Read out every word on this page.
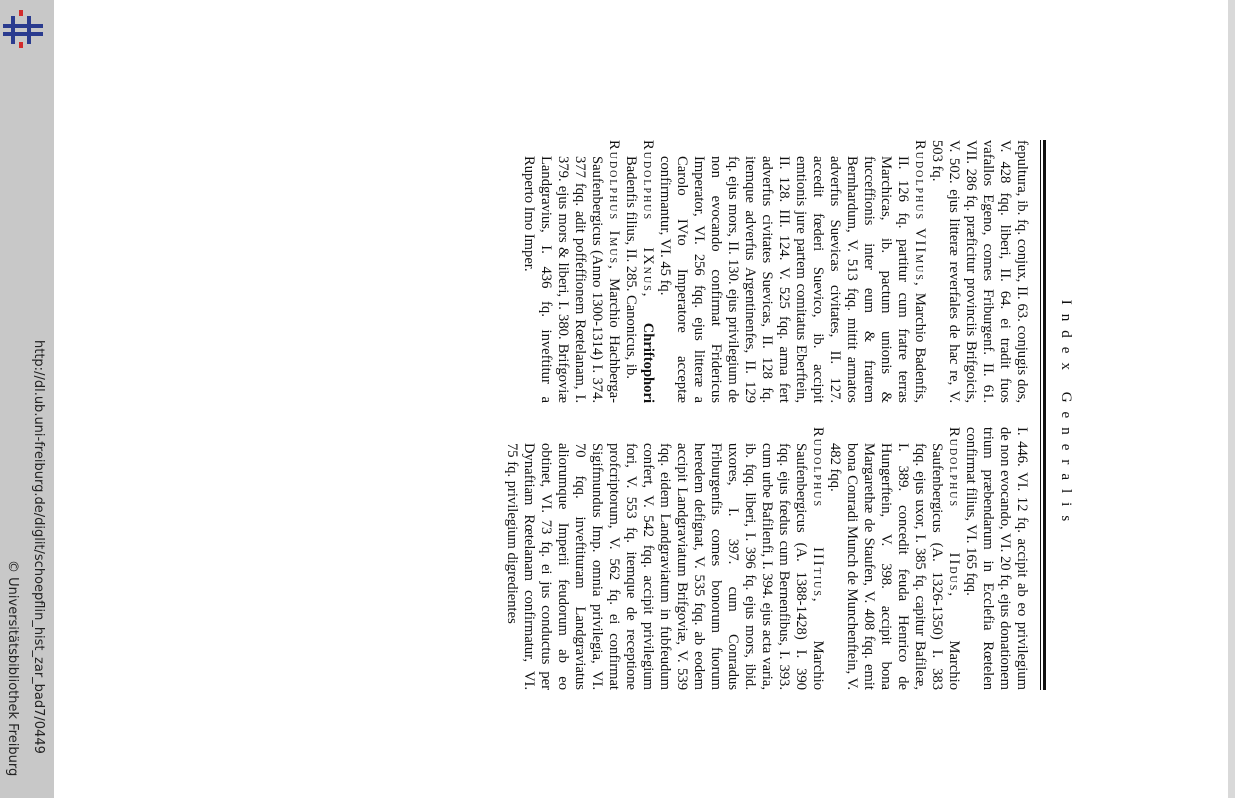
http://dl.ub.uni-freiburg.de/diglit/schoepflin_hist_zar_bad7/0449
© Universitätsbibliothek Freiburg
Index Generalis

fepultura, ib. fq. conjux, II. 63. conjugis dos, V. 428 fqq. liberi, II. 64. ei tradit fuos vafallos Egeno, comes Friburgenf. II. 61. VII. 286 fq. præficitur provinciis Brifgoicis, V. 502. ejus litteræ reverfales de hac re, V. 503 fq.

Rudolphus VIImus, Marchio Badenfis, II. 126 fq. partitur cum fratre terras Marchicas, ib. pactum unionis & fucceffionis inter eum & fratrem Bernhardum, V. 513 fqq. mittit armatos adverfus Suevicas civitates, II. 127. accedit fœderi Suevico, ib. accipit emtionis jure partem comitatus Eberftein, II. 128. III. 124. V. 525 fqq. arma fert adverfus civitates Suevicas, II. 128 fq. itemque adverfus Argentinenfes, II. 129 fq. ejus mors, II. 130. ejus privilegium de non evocando confirmat Fridericus Imperator, VI. 256 fqq. ejus litteræ a Carolo IVto Imperatore acceptæ confirmantur, VI. 45 fq.

Rudolphus IXnus, Chriftophori Badenfis filius, II. 285. Canonicus, ib.

Rudolphus Imus, Marchio Hachberga-Saufenbergicus (Anno 1300-1314) I. 374. 377 fqq. adit poffeffionem Rœtelanam, I. 379. ejus mors & liberi, I. 380. Brifgoviæ Landgravius, I. 436 fq. inveftitur a Ruperto Imo Imper.

I. 446. VI. 12 fq. accipit ab eo privilegium de non evocando, VI. 20 fq. ejus donationem trium præbendarum in Ecclefia Rœtelen confirmat filius, VI. 165 fqq.

Rudolphus IIdus, Marchio Saufenbergicus (A. 1326-1350) I. 383 fqq. ejus uxor, I. 385 fq. capitur Bafileæ, I. 389. concedit feuda Henrico de Hungerftein, V. 398. accipit bona Margarethæ de Staufen, V. 408 fqq. emit bona Conradi Munch de Munchenftein, V. 482 fqq.

Rudolphus IIItius, Marchio Saufenbergicus (A. 1388-1428) I. 390 fqq. ejus fœdus cum Bernenfibus, I. 393. cum urbe Bafilenfi, I. 394. ejus acta varia, ib. fqq. liberi, I. 396 fq. ejus mors, ibid. uxores, I. 397. cum Conradus Friburgenfis comes bonorum fuorum heredem defignat, V. 535 fqq. ab eodem accipit Landgraviatum Brifgoviæ, V. 539 fqq. eidem Landgraviatum in fubfeudum confert, V. 542 fqq. accipit privilegium fori, V. 553 fq. itemque de receptione profcriptorum, V. 562 fq. ei confirmat Sigifmundus Imp. omnia privilegia, VI. 70 fqq. inveftituram Landgraviatus aliorumque Imperii feudorum ab eo obtinet, VI. 73 fq. ei jus conductus per Dynaftiam Rœtelanam confirmatur, VI. 75 fq. privilegium digredientes
